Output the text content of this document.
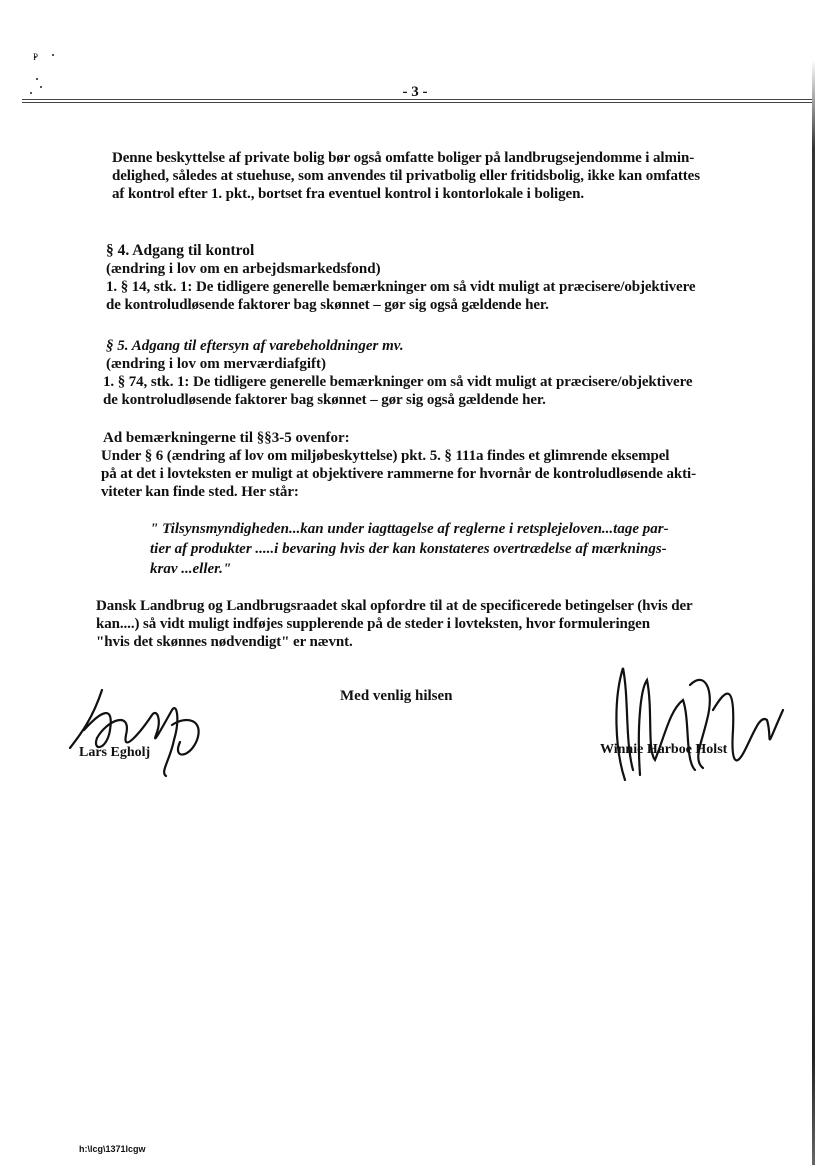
P
- 3 -
Denne beskyttelse af private bolig bør også omfatte boliger på landbrugsejendomme i almin-
delighed, således at stuehuse, som anvendes til privatbolig eller fritidsbolig, ikke kan omfattes
af kontrol efter 1. pkt., bortset fra eventuel kontrol i kontorlokale i boligen.
§ 4. Adgang til kontrol
(ændring i lov om en arbejdsmarkedsfond)
1. § 14, stk. 1: De tidligere generelle bemærkninger om så vidt muligt at præcisere/objektivere
de kontroludløsende faktorer bag skønnet – gør sig også gældende her.
§ 5. Adgang til eftersyn af varebeholdninger mv.
(ændring i lov om merværdiafgift)
1. § 74, stk. 1: De tidligere generelle bemærkninger om så vidt muligt at præcisere/objektivere
de kontroludløsende faktorer bag skønnet – gør sig også gældende her.
Ad bemærkningerne til §§3-5 ovenfor:
Under § 6 (ændring af lov om miljøbeskyttelse) pkt. 5. § 111a findes et glimrende eksempel
på at det i lovteksten er muligt at objektivere rammerne for hvornår de kontroludløsende akti-
viteter kan finde sted. Her står:
" Tilsynsmyndigheden...kan under iagttagelse af reglerne i retsplejeloven...tage par-
tier af produkter .....i bevaring hvis der kan konstateres overtrædelse af mærknings-
krav ...eller."
Dansk Landbrug og Landbrugsraadet skal opfordre til at de specificerede betingelser (hvis der
kan....) så vidt muligt indføjes supplerende på de steder i lovteksten, hvor formuleringen
"hvis det skønnes nødvendigt" er nævnt.
Med venlig hilsen
Lars Egholj	Winnie Harboe Holst
h:\lcg\1371lcgw
